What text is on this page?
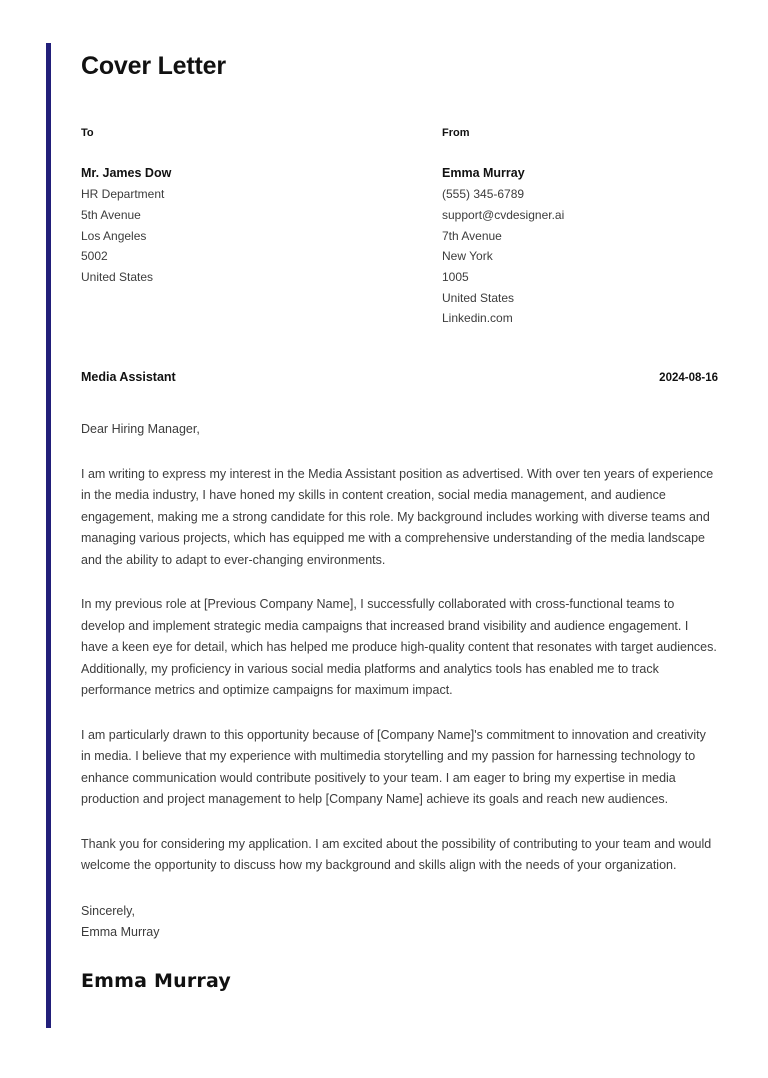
Cover Letter
To
Mr. James Dow
HR Department
5th Avenue
Los Angeles
5002
United States
From
Emma Murray
(555) 345-6789
support@cvdesigner.ai
7th Avenue
New York
1005
United States
Linkedin.com
Media Assistant	2024-08-16
Dear Hiring Manager,

I am writing to express my interest in the Media Assistant position as advertised. With over ten years of experience in the media industry, I have honed my skills in content creation, social media management, and audience engagement, making me a strong candidate for this role. My background includes working with diverse teams and managing various projects, which has equipped me with a comprehensive understanding of the media landscape and the ability to adapt to ever-changing environments.

In my previous role at [Previous Company Name], I successfully collaborated with cross-functional teams to develop and implement strategic media campaigns that increased brand visibility and audience engagement. I have a keen eye for detail, which has helped me produce high-quality content that resonates with target audiences. Additionally, my proficiency in various social media platforms and analytics tools has enabled me to track performance metrics and optimize campaigns for maximum impact.

I am particularly drawn to this opportunity because of [Company Name]'s commitment to innovation and creativity in media. I believe that my experience with multimedia storytelling and my passion for harnessing technology to enhance communication would contribute positively to your team. I am eager to bring my expertise in media production and project management to help [Company Name] achieve its goals and reach new audiences.

Thank you for considering my application. I am excited about the possibility of contributing to your team and would welcome the opportunity to discuss how my background and skills align with the needs of your organization.

Sincerely,
Emma Murray
Emma Murray
